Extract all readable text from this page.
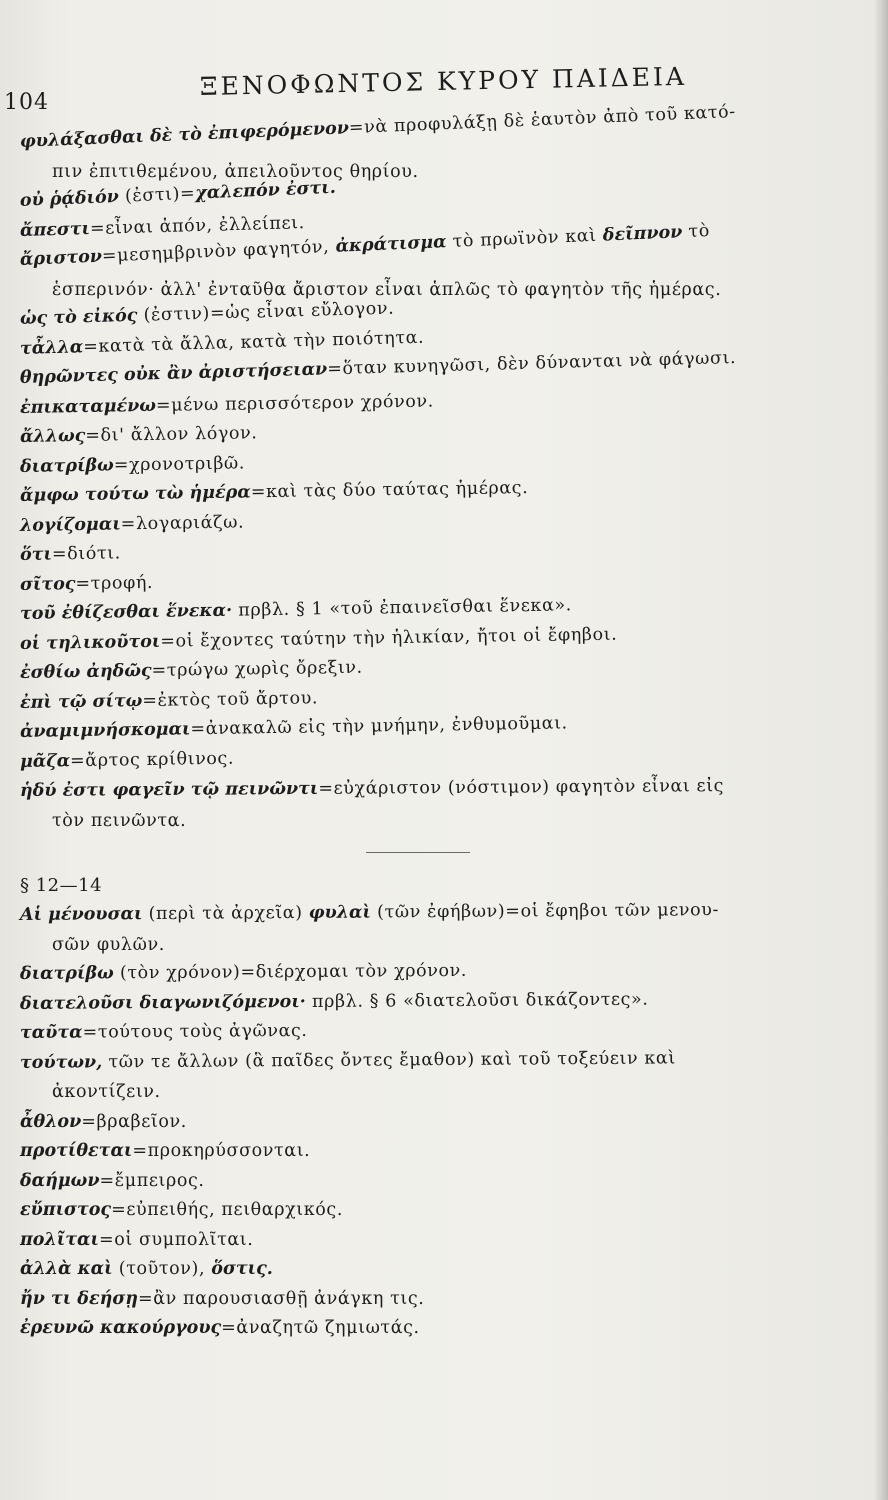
104
ΞΕΝΟΦΩΝΤΟΣ ΚΥΡΟΥ ΠΑΙΔΕΙΑ
φυλάξασθαι δὲ τὸ ἐπιφερόμενον=νὰ προφυλάξῃ δὲ ἑαυτὸν ἀπὸ τοῦ κατό-
πιν ἐπιτιθεμένου, ἀπειλοῦντος θηρίου.
οὐ ῥᾴδιόν (ἐστι)=χαλεπόν ἐστι.
ἄπεστι=εἶναι ἀπόν, ἐλλείπει.
ἄριστον=μεσημβρινὸν φαγητόν, ἀκράτισμα τὸ πρωϊνὸν καὶ δεῖπνον τὸ
ἑσπερινόν· ἀλλ' ἐνταῦθα ἄριστον εἶναι ἁπλῶς τὸ φαγητὸν τῆς ἡμέρας.
ὡς τὸ εἰκός (ἐστιν)=ὡς εἶναι εὔλογον.
τἆλλα=κατὰ τὰ ἄλλα, κατὰ τὴν ποιότητα.
θηρῶντες οὐκ ἂν ἀριστήσειαν=ὅταν κυνηγῶσι, δὲν δύνανται νὰ φάγωσι.
ἐπικαταμένω=μένω περισσότερον χρόνον.
ἄλλως=δι' ἄλλον λόγον.
διατρίβω=χρονοτριβῶ.
ἄμφω τούτω τὼ ἡμέρα=καὶ τὰς δύο ταύτας ἡμέρας.
λογίζομαι=λογαριάζω.
ὅτι=διότι.
σῖτος=τροφή.
τοῦ ἐθίζεσθαι ἕνεκα· πρβλ. § 1 «τοῦ ἐπαινεῖσθαι ἕνεκα».
οἱ τηλικοῦτοι=οἱ ἔχοντες ταύτην τὴν ἡλικίαν, ἤτοι οἱ ἔφηβοι.
ἐσθίω ἀηδῶς=τρώγω χωρὶς ὄρεξιν.
ἐπὶ τῷ σίτῳ=ἐκτὸς τοῦ ἄρτου.
ἀναμιμνήσκομαι=ἀνακαλῶ εἰς τὴν μνήμην, ἐνθυμοῦμαι.
μᾶζα=ἄρτος κρίθινος.
ἡδύ ἐστι φαγεῖν τῷ πεινῶντι=εὐχάριστον (νόστιμον) φαγητὸν εἶναι εἰς
τὸν πεινῶντα.
§ 12—14
Αἱ μένουσαι (περὶ τὰ ἀρχεῖα) φυλαὶ (τῶν ἐφήβων)=οἱ ἔφηβοι τῶν μενου-
σῶν φυλῶν.
διατρίβω (τὸν χρόνον)=διέρχομαι τὸν χρόνον.
διατελοῦσι διαγωνιζόμενοι· πρβλ. § 6 «διατελοῦσι δικάζοντες».
ταῦτα=τούτους τοὺς ἀγῶνας.
τούτων, τῶν τε ἄλλων (ἃ παῖδες ὄντες ἔμαθον) καὶ τοῦ τοξεύειν καὶ
ἀκοντίζειν.
ἆθλον=βραβεῖον.
προτίθεται=προκηρύσσονται.
δαήμων=ἔμπειρος.
εὔπιστος=εὐπειθής, πειθαρχικός.
πολῖται=οἱ συμπολῖται.
ἀλλὰ καὶ (τοῦτον), ὅστις.
ἤν τι δεήσῃ=ἂν παρουσιασθῇ ἀνάγκη τις.
ἐρευνῶ κακούργους=ἀναζητῶ ζημιωτάς.
